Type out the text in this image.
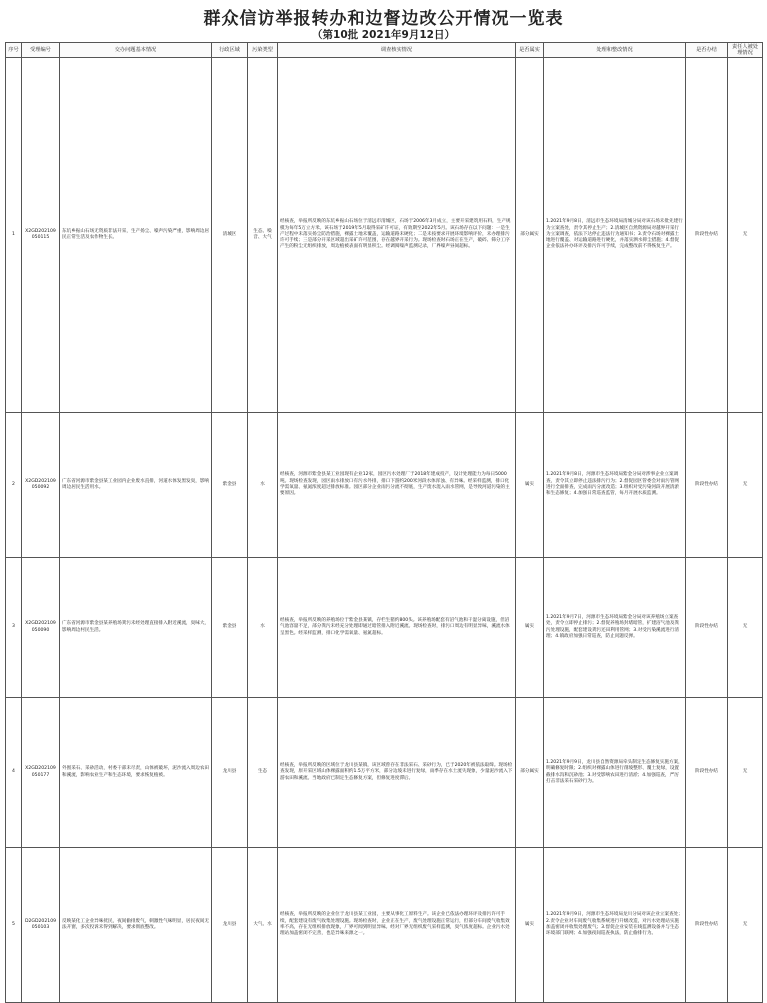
群众信访举报转办和边督边改公开情况一览表
（第10批 2021年9月12日）
序号	受理编号	交办问题基本情况	行政区域	污染类型	调查核实情况	是否属实	处理和整改情况	是否办结	责任人被处理情况
1	X2GD202109050115	东坑乡振山石场无资质非法开采，生产扬尘、噪声污染严重，影响周边居民正常生活及农作物生长。	清城区	生态、噪音、大气	经核查，举报所反映的东坑乡振山石场位于清远市清城区，石场于2006年3月成立，主要开采建筑用石料，生产规模为每年5万立方米。该石场于2019年5月取得采矿许可证，有效期至2022年5月。该石场存在以下问题：一是生产过程中未落实扬尘防治措施，裸露土地未覆盖，运输道路未硬化；二是未按要求开展环境影响评价，未办理排污许可手续；三是部分开采区域超出采矿许可范围，存在越界开采行为。现场检查时石场正在生产，破碎、筛分工序产生的粉尘无组织排放，周边植被表面有明显积尘。经调阅噪声监测记录，厂界噪声昼间超标。	部分属实	1.2021年9月8日，清远市生态环境局清城分局对该石场未批先建行为立案查处，责令其停止生产；2.清城区自然资源局对越界开采行为立案调查，依法下达停止违法行为通知书；3.责令石场对裸露土地进行覆盖、对运输道路进行硬化，并落实洒水抑尘措施；4.督促企业依法补办环评及排污许可手续，完成整改前不得恢复生产。	阶段性办结	无
2	X2GD202109050092	广东省河源市紫金县某工业园内企业废水直排，河道水体发黑发臭，影响周边居民生活用水。	紫金县	水	经核查，河源市紫金县某工业园现有企业12家，园区污水处理厂于2018年建成投产，设计处理能力为每日5000吨。现场检查发现，园区雨水排放口有污水外排，排口下游约200米河段水体浑浊、有异味。经采样监测，排口化学需氧量、氨氮浓度超过排放标准。园区部分企业雨污分流不彻底，生产废水混入雨水管网，是导致河道污染的主要原因。	属实	1.2021年9月8日，河源市生态环境局紫金分局对涉事企业立案调查，责令其立即停止违法排污行为；2.督促园区管委会对雨污管网进行全面排查，完成雨污分流改造；3.组织对受污染河段开展清淤和生态修复；4.加强日常巡查监管，每月开展水质监测。	阶段性办结	无
3	X2GD202109050090	广东省河源市紫金县某养殖场粪污未经处理直接排入附近溪流，臭味大，影响周边村民生活。	紫金县	水	经核查，举报所反映的养殖场位于紫金县某镇，存栏生猪约800头。该养殖场配套有沼气池和干湿分离设施，但沼气池容量不足，部分粪污未经充分处理即通过暗管排入附近溪流。现场检查时，排污口周边有明显异味，溪流水体呈黑色。经采样监测，排口化学需氧量、氨氮超标。	属实	1.2021年9月7日，河源市生态环境局紫金分局对该养殖场立案查处，责令立即停止排污；2.督促养殖场封堵暗管，扩建沼气池及粪污处理设施，配套建设粪污还田利用管网；3.对受污染溪流进行清理；4.镇政府加强日常巡查，防止问题反弹。	阶段性办结	无
4	X2GD202109050177	外围采石、采砂活动，村委干部未尽责，山体被破坏，泥沙流入周边农田和溪流，影响农业生产和生态环境，要求恢复植被。	龙川县	生态	经核查，举报所反映的区域位于龙川县某镇，该区域曾存在非法采石、采砂行为，已于2020年被依法取缔。现场检查发现，原开采区域山体裸露面积约1.5万平方米，部分边坡未进行复绿，雨季存在水土流失现象，少量泥沙流入下游农田和溪流。当地政府已制定生态修复方案，但修复进度滞后。	部分属实	1.2021年9月9日，龙川县自然资源局牵头制定生态修复实施方案，明确修复时限；2.组织对裸露山体进行削坡整形、覆土复绿，设置截排水沟和沉砂池；3.对受影响农田进行清淤；4.加强巡查，严厉打击非法采石采砂行为。	阶段性办结	无
5	D2GD202109050103	反映某化工企业异味扰民，夜间偷排废气，刺激性气味明显，居民夜间无法开窗，多次投诉未得到解决，要求彻底整改。	龙川县	大气、水	经核查，举报所反映的企业位于龙川县某工业园，主要从事化工原料生产。该企业已依法办理环评及排污许可手续，配套建设有废气收集处理设施。现场检查时，企业正在生产，废气处理设施正常运行，但部分车间废气收集效率不高，存在无组织排放现象，厂界可闻到明显异味。经对厂界无组织废气采样监测，臭气浓度超标。企业污水处理站加盖密闭不完善，也是异味来源之一。	属实	1.2021年9月9日，河源市生态环境局龙川分局对该企业立案查处；2.责令企业对车间废气收集系统进行升级改造，对污水处理站实施加盖密闭并收集处理废气；3.督促企业安装在线监测设备并与生态环境部门联网；4.加强夜间巡查执法，防止偷排行为。	阶段性办结	无
